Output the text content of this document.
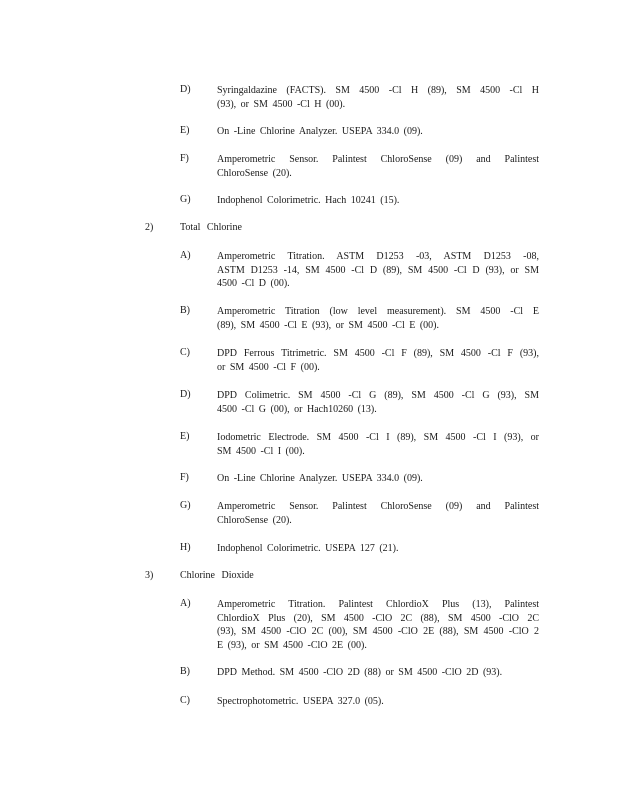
D)	Syringaldazine (FACTS). SM 4500 -Cl H (89), SM 4500 -Cl H
(93), or SM 4500 -Cl H (00).
E)	On -Line Chlorine Analyzer. USEPA 334.0 (09).
F)	Amperometric Sensor. Palintest ChloroSense (09) and Palintest
ChloroSense (20).
G)	Indophenol Colorimetric. Hach 10241 (15).
2)	Total Chlorine
A)	Amperometric Titration. ASTM D1253 -03, ASTM D1253 -08,
ASTM D1253 -14, SM 4500 -Cl D (89), SM 4500 -Cl D (93), or SM
4500 -Cl D (00).
B)	Amperometric Titration (low level measurement). SM 4500 -Cl E
(89), SM 4500 -Cl E (93), or SM 4500 -Cl E (00).
C)	DPD Ferrous Titrimetric. SM 4500 -Cl F (89), SM 4500 -Cl F (93),
or SM 4500 -Cl F (00).
D)	DPD Colimetric. SM 4500 -Cl G (89), SM 4500 -Cl G (93), SM
4500 -Cl G (00), or Hach10260 (13).
E)	Iodometric Electrode. SM 4500 -Cl I (89), SM 4500 -Cl I (93), or
SM 4500 -Cl I (00).
F)	On -Line Chlorine Analyzer. USEPA 334.0 (09).
G)	Amperometric Sensor. Palintest ChloroSense (09) and Palintest
ChloroSense (20).
H)	Indophenol Colorimetric. USEPA 127 (21).
3)	Chlorine Dioxide
A)	Amperometric Titration. Palintest ChlordioX Plus (13), Palintest
ChlordioX Plus (20), SM 4500 -ClO 2C (88), SM 4500 -ClO 2C
(93), SM 4500 -ClO 2C (00), SM 4500 -ClO 2E (88), SM 4500 -ClO 2
E (93), or SM 4500 -ClO 2E (00).
B)	DPD Method. SM 4500 -ClO 2D (88) or SM 4500 -ClO 2D (93).
C)	Spectrophotometric. USEPA 327.0 (05).
